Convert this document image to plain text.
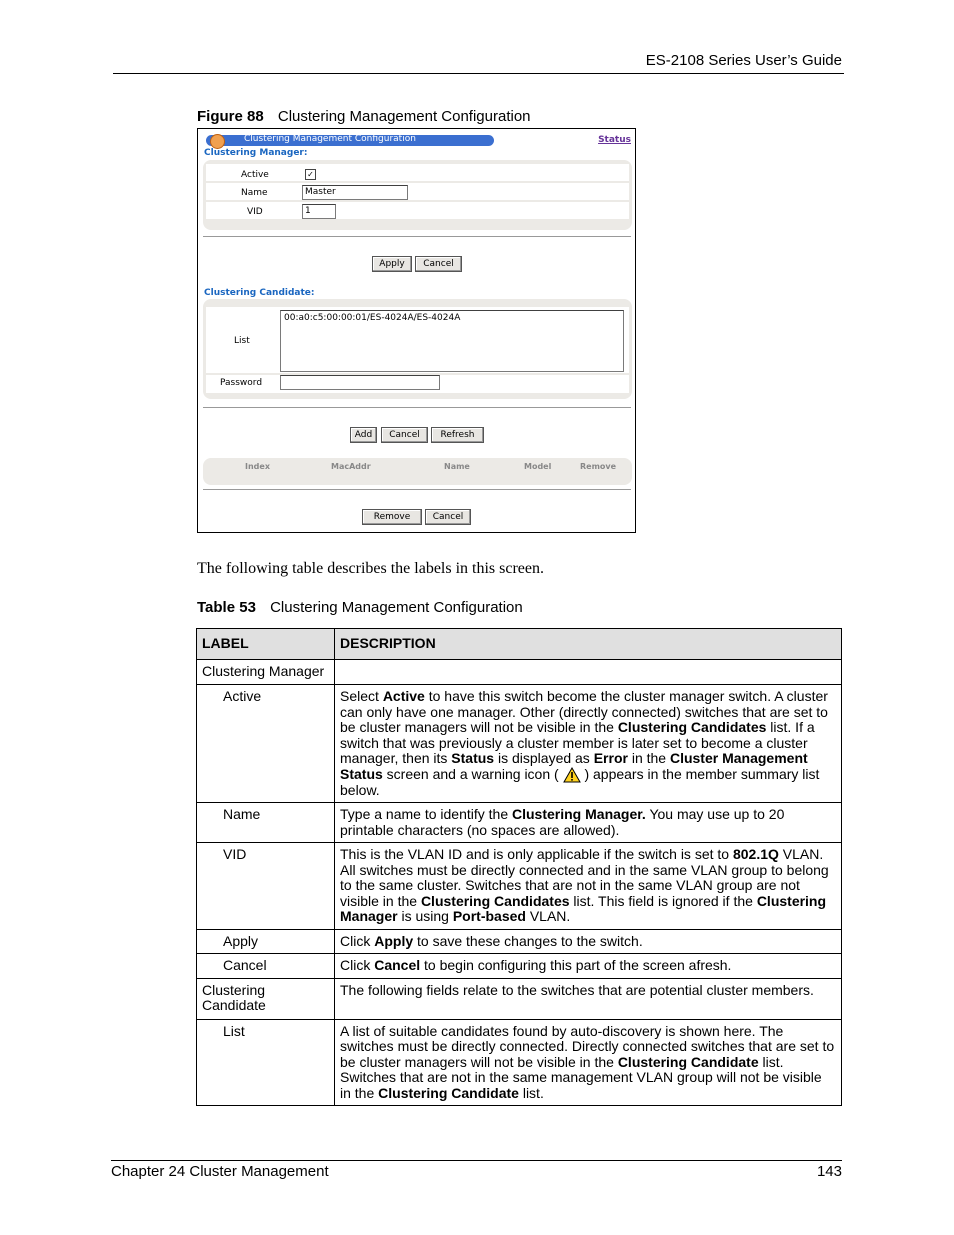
ES-2108 Series User’s Guide
Figure 88 Clustering Management Configuration
Clustering Management Configuration	Status
Clustering Manager:
Active	✓
Name	Master
VID	1
Apply	Cancel
Clustering Candidate:
List
00:a0:c5:00:00:01/ES-4024A/ES-4024A
Password
Add	Cancel	Refresh
Index	MacAddr	Name	Model	Remove
Remove	Cancel
The following table describes the labels in this screen.
Table 53 Clustering Management Configuration
LABEL	DESCRIPTION
Clustering Manager	
Active	Select Active to have this switch become the cluster manager switch. A cluster can only have one manager. Other (directly connected) switches that are set to be cluster managers will not be visible in the Clustering Candidates list. If a switch that was previously a cluster member is later set to become a cluster manager, then its Status is displayed as Error in the Cluster Management Status screen and a warning icon (  ) appears in the member summary list below.
Name	Type a name to identify the Clustering Manager. You may use up to 20 printable characters (no spaces are allowed).
VID	This is the VLAN ID and is only applicable if the switch is set to 802.1Q VLAN. All switches must be directly connected and in the same VLAN group to belong to the same cluster. Switches that are not in the same VLAN group are not visible in the Clustering Candidates list. This field is ignored if the Clustering Manager is using Port-based VLAN.
Apply	Click Apply to save these changes to the switch.
Cancel	Click Cancel to begin configuring this part of the screen afresh.
Clustering Candidate	The following fields relate to the switches that are potential cluster members.
List	A list of suitable candidates found by auto-discovery is shown here. The switches must be directly connected. Directly connected switches that are set to be cluster managers will not be visible in the Clustering Candidate list. Switches that are not in the same management VLAN group will not be visible in the Clustering Candidate list.
Chapter 24 Cluster Management	143
